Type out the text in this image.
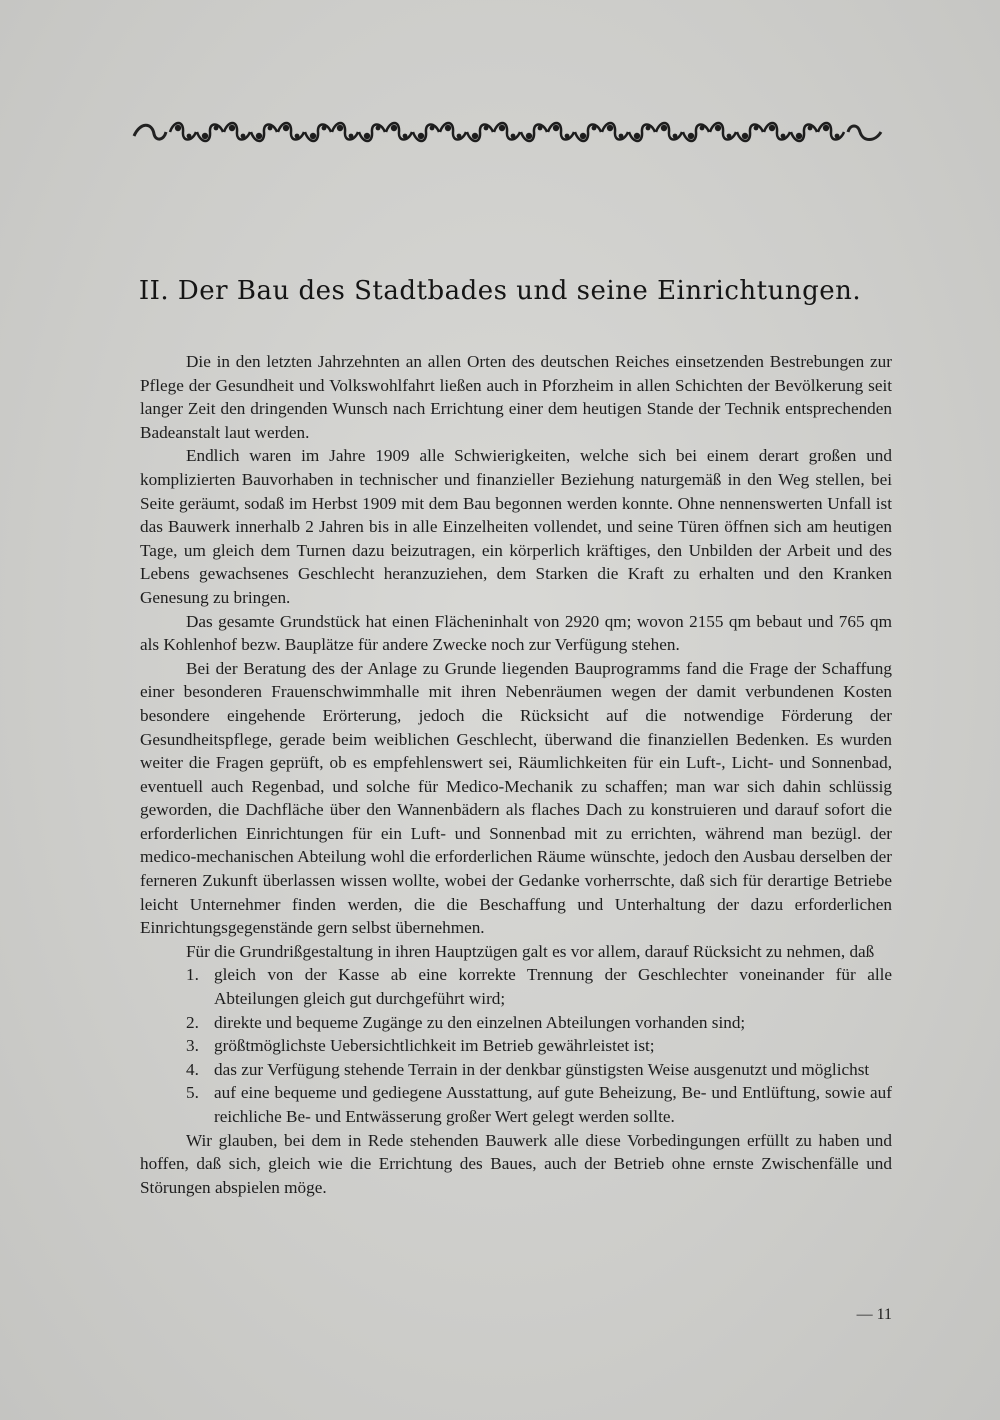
II. Der Bau des Stadtbades und seine Einrichtungen.

Die in den letzten Jahrzehnten an allen Orten des deutschen Reiches einsetzenden Bestrebungen zur Pflege der Gesundheit und Volkswohlfahrt ließen auch in Pforzheim in allen Schichten der Bevölkerung seit langer Zeit den dringenden Wunsch nach Errichtung einer dem heutigen Stande der Technik entsprechenden Badeanstalt laut werden.

Endlich waren im Jahre 1909 alle Schwierigkeiten, welche sich bei einem derart großen und komplizierten Bauvorhaben in technischer und finanzieller Beziehung naturgemäß in den Weg stellen, bei Seite geräumt, sodaß im Herbst 1909 mit dem Bau begonnen werden konnte. Ohne nennenswerten Unfall ist das Bauwerk innerhalb 2 Jahren bis in alle Einzelheiten vollendet, und seine Türen öffnen sich am heutigen Tage, um gleich dem Turnen dazu beizutragen, ein körperlich kräftiges, den Unbilden der Arbeit und des Lebens gewachsenes Geschlecht heranzuziehen, dem Starken die Kraft zu erhalten und den Kranken Genesung zu bringen.

Das gesamte Grundstück hat einen Flächeninhalt von 2920 qm; wovon 2155 qm bebaut und 765 qm als Kohlenhof bezw. Bauplätze für andere Zwecke noch zur Verfügung stehen.

Bei der Beratung des der Anlage zu Grunde liegenden Bauprogramms fand die Frage der Schaffung einer besonderen Frauenschwimmhalle mit ihren Nebenräumen wegen der damit verbundenen Kosten besondere eingehende Erörterung, jedoch die Rücksicht auf die notwendige Förderung der Gesundheitspflege, gerade beim weiblichen Geschlecht, überwand die finanziellen Bedenken. Es wurden weiter die Fragen geprüft, ob es empfehlenswert sei, Räumlichkeiten für ein Luft-, Licht- und Sonnenbad, eventuell auch Regenbad, und solche für Medico-Mechanik zu schaffen; man war sich dahin schlüssig geworden, die Dachfläche über den Wannenbädern als flaches Dach zu konstruieren und darauf sofort die erforderlichen Einrichtungen für ein Luft- und Sonnenbad mit zu errichten, während man bezügl. der medico-mechanischen Abteilung wohl die erforderlichen Räume wünschte, jedoch den Ausbau derselben der ferneren Zukunft überlassen wissen wollte, wobei der Gedanke vorherrschte, daß sich für derartige Betriebe leicht Unternehmer finden werden, die die Beschaffung und Unterhaltung der dazu erforderlichen Einrichtungsgegenstände gern selbst übernehmen.

Für die Grundrißgestaltung in ihren Hauptzügen galt es vor allem, darauf Rücksicht zu nehmen, daß

1. gleich von der Kasse ab eine korrekte Trennung der Geschlechter voneinander für alle Abteilungen gleich gut durchgeführt wird;
2. direkte und bequeme Zugänge zu den einzelnen Abteilungen vorhanden sind;
3. größtmöglichste Uebersichtlichkeit im Betrieb gewährleistet ist;
4. das zur Verfügung stehende Terrain in der denkbar günstigsten Weise ausgenutzt und möglichst
5. auf eine bequeme und gediegene Ausstattung, auf gute Beheizung, Be- und Entlüftung, sowie auf reichliche Be- und Entwässerung großer Wert gelegt werden sollte.

Wir glauben, bei dem in Rede stehenden Bauwerk alle diese Vorbedingungen erfüllt zu haben und hoffen, daß sich, gleich wie die Errichtung des Baues, auch der Betrieb ohne ernste Zwischenfälle und Störungen abspielen möge.

— 11
